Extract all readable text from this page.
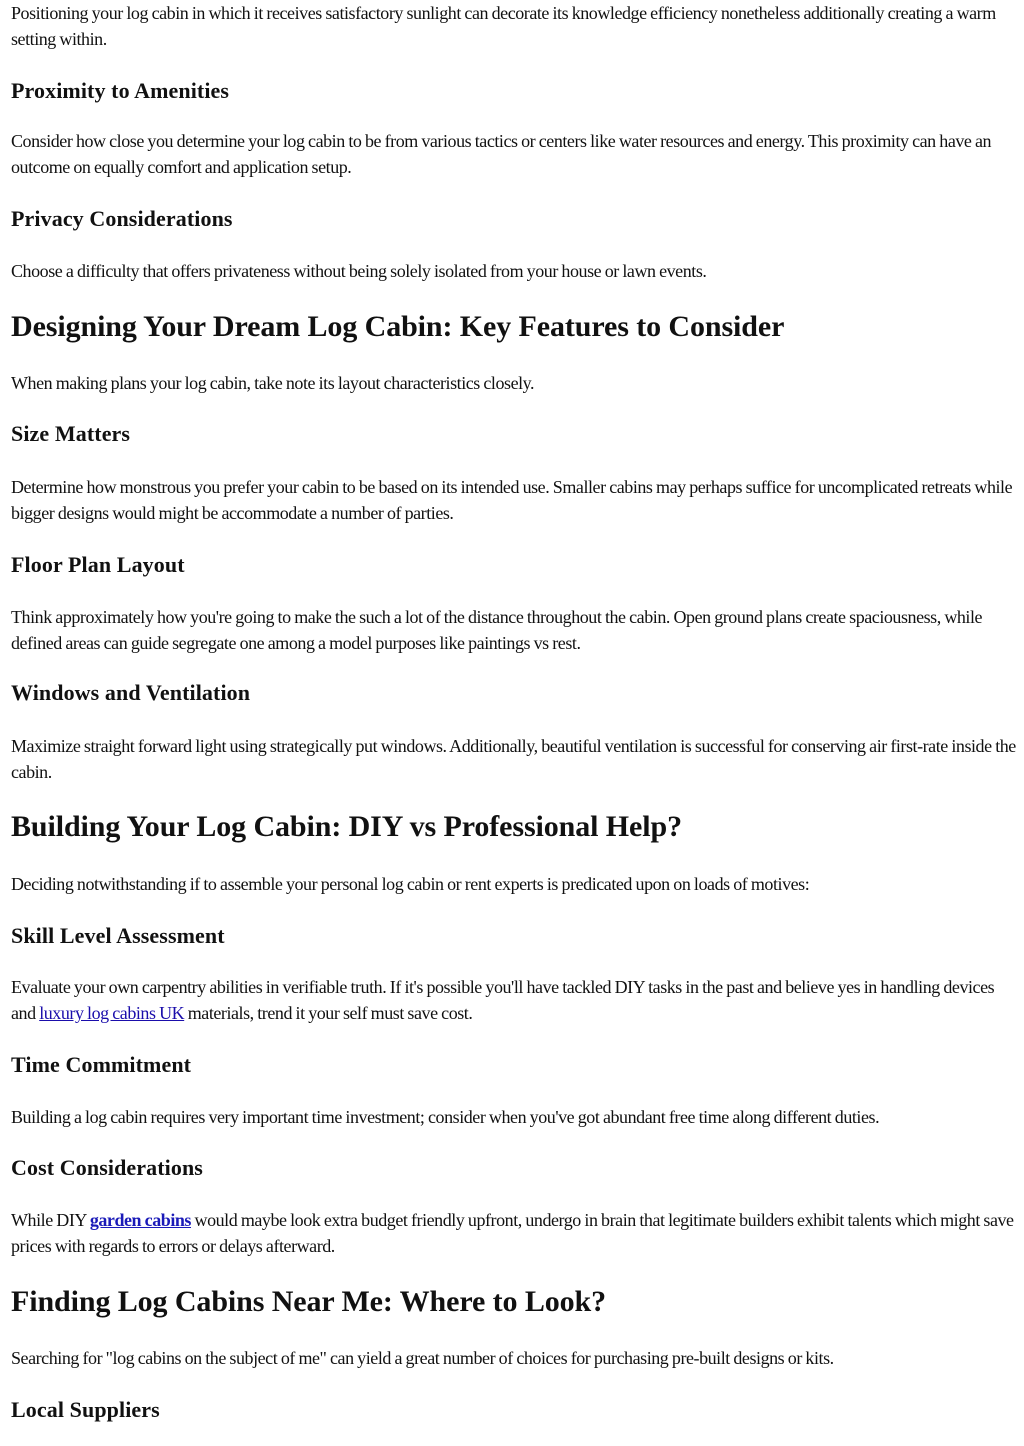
Positioning your log cabin in which it receives satisfactory sunlight can decorate its knowledge efficiency nonetheless additionally creating a warm setting within.

Proximity to Amenities

Consider how close you determine your log cabin to be from various tactics or centers like water resources and energy. This proximity can have an outcome on equally comfort and application setup.

Privacy Considerations

Choose a difficulty that offers privateness without being solely isolated from your house or lawn events.

Designing Your Dream Log Cabin: Key Features to Consider

When making plans your log cabin, take note its layout characteristics closely.

Size Matters

Determine how monstrous you prefer your cabin to be based on its intended use. Smaller cabins may perhaps suffice for uncomplicated retreats while bigger designs would might be accommodate a number of parties.

Floor Plan Layout

Think approximately how you're going to make the such a lot of the distance throughout the cabin. Open ground plans create spaciousness, while defined areas can guide segregate one among a model purposes like paintings vs rest.

Windows and Ventilation

Maximize straight forward light using strategically put windows. Additionally, beautiful ventilation is successful for conserving air first-rate inside the cabin.

Building Your Log Cabin: DIY vs Professional Help?

Deciding notwithstanding if to assemble your personal log cabin or rent experts is predicated upon on loads of motives:

Skill Level Assessment

Evaluate your own carpentry abilities in verifiable truth. If it's possible you'll have tackled DIY tasks in the past and believe yes in handling devices and luxury log cabins UK materials, trend it your self must save cost.

Time Commitment

Building a log cabin requires very important time investment; consider when you've got abundant free time along different duties.

Cost Considerations

While DIY garden cabins would maybe look extra budget friendly upfront, undergo in brain that legitimate builders exhibit talents which might save prices with regards to errors or delays afterward.

Finding Log Cabins Near Me: Where to Look?

Searching for "log cabins on the subject of me" can yield a great number of choices for purchasing pre-built designs or kits.

Local Suppliers
